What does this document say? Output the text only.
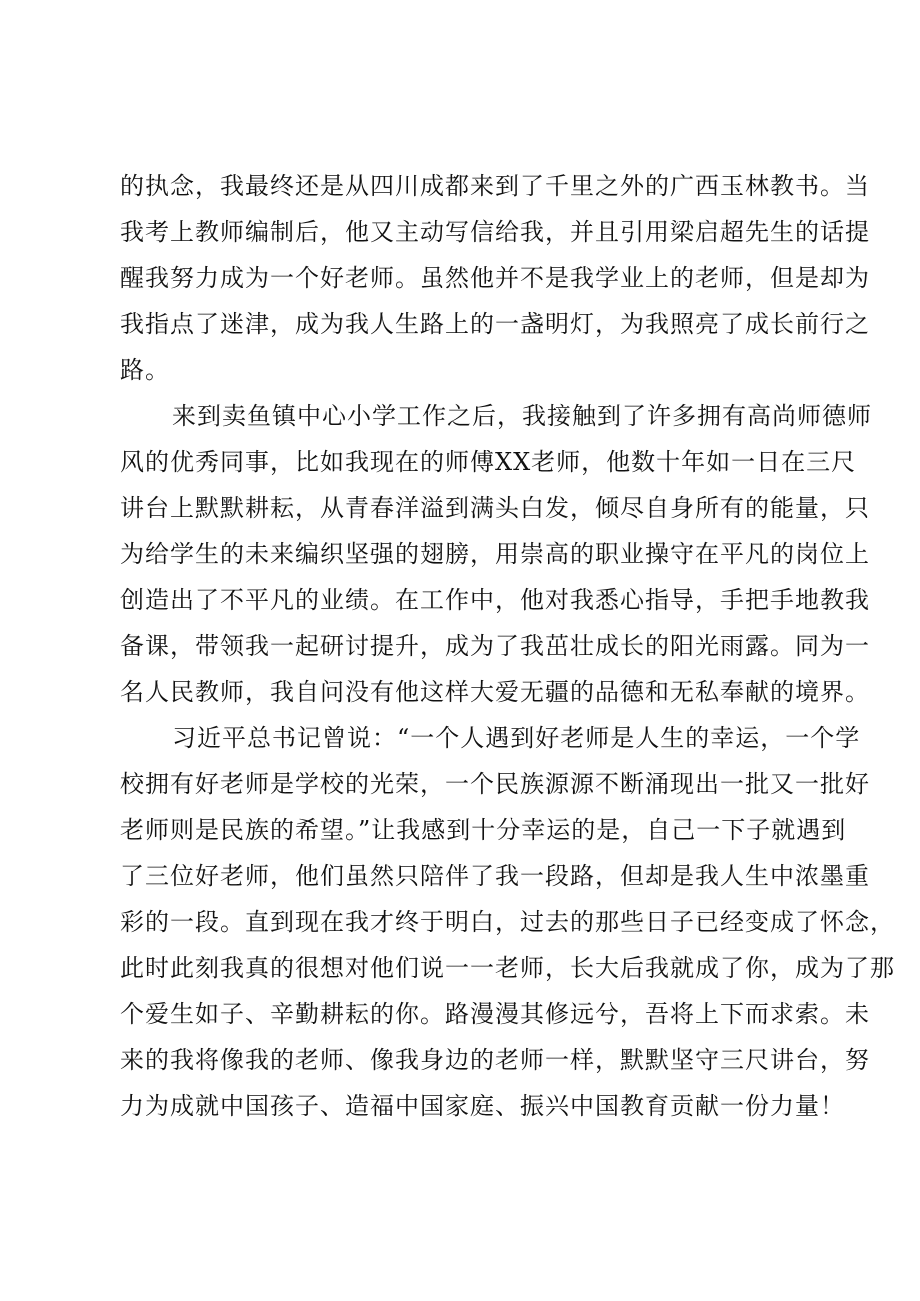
的执念，我最终还是从四川成都来到了千里之外的广西玉林教书。当
我考上教师编制后，他又主动写信给我，并且引用梁启超先生的话提
醒我努力成为一个好老师。虽然他并不是我学业上的老师，但是却为
我指点了迷津，成为我人生路上的一盏明灯，为我照亮了成长前行之
路。
来到卖鱼镇中心小学工作之后，我接触到了许多拥有高尚师德师
风的优秀同事，比如我现在的师傅XX老师，他数十年如一日在三尺
讲台上默默耕耘，从青春洋溢到满头白发，倾尽自身所有的能量，只
为给学生的未来编织坚强的翅膀，用崇高的职业操守在平凡的岗位上
创造出了不平凡的业绩。在工作中，他对我悉心指导，手把手地教我
备课，带领我一起研讨提升，成为了我茁壮成长的阳光雨露。同为一
名人民教师，我自问没有他这样大爱无疆的品德和无私奉献的境界。
习近平总书记曾说：“一个人遇到好老师是人生的幸运，一个学
校拥有好老师是学校的光荣，一个民族源源不断涌现出一批又一批好
老师则是民族的希望。”让我感到十分幸运的是，自己一下子就遇到
了三位好老师，他们虽然只陪伴了我一段路，但却是我人生中浓墨重
彩的一段。直到现在我才终于明白，过去的那些日子已经变成了怀念，
此时此刻我真的很想对他们说一一老师，长大后我就成了你，成为了那
个爱生如子、辛勤耕耘的你。路漫漫其修远兮，吾将上下而求索。未
来的我将像我的老师、像我身边的老师一样，默默坚守三尺讲台，努
力为成就中国孩子、造福中国家庭、振兴中国教育贡献一份力量！
